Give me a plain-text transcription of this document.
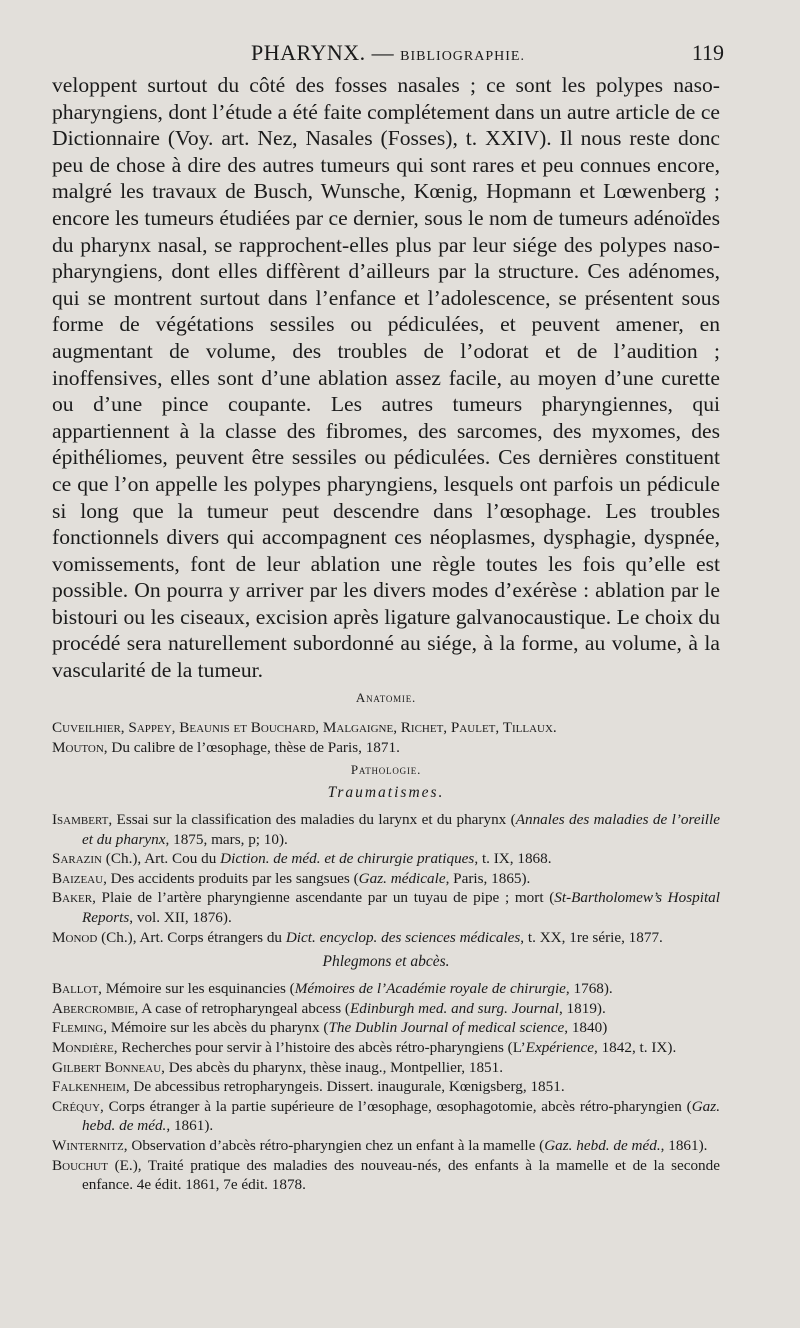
PHARYNX. — BIBLIOGRAPHIE.	119

veloppent surtout du côté des fosses nasales ; ce sont les polypes naso-pharyngiens, dont l’étude a été faite complétement dans un autre article de ce Dictionnaire (Voy. art. Nez, Nasales (Fosses), t. XXIV). Il nous reste donc peu de chose à dire des autres tumeurs qui sont rares et peu connues encore, malgré les travaux de Busch, Wunsche, Kœnig, Hopmann et Lœwenberg ; encore les tumeurs étudiées par ce dernier, sous le nom de tumeurs adénoïdes du pharynx nasal, se rapprochent-elles plus par leur siége des polypes naso-pharyngiens, dont elles diffèrent d’ailleurs par la structure. Ces adénomes, qui se montrent surtout dans l’enfance et l’adolescence, se présentent sous forme de végétations sessiles ou pédiculées, et peuvent amener, en augmentant de volume, des troubles de l’odorat et de l’audition ; inoffensives, elles sont d’une ablation assez facile, au moyen d’une curette ou d’une pince coupante. Les autres tumeurs pharyngiennes, qui appartiennent à la classe des fibromes, des sarcomes, des myxomes, des épithéliomes, peuvent être sessiles ou pédiculées. Ces dernières constituent ce que l’on appelle les polypes pharyngiens, lesquels ont parfois un pédicule si long que la tumeur peut descendre dans l’œsophage. Les troubles fonctionnels divers qui accompagnent ces néoplasmes, dysphagie, dyspnée, vomissements, font de leur ablation une règle toutes les fois qu’elle est possible. On pourra y arriver par les divers modes d’exérèse : ablation par le bistouri ou les ciseaux, excision après ligature galvanocaustique. Le choix du procédé sera naturellement subordonné au siége, à la forme, au volume, à la vascularité de la tumeur.

Anatomie.

Cuveilhier, Sappey, Beaunis et Bouchard, Malgaigne, Richet, Paulet, Tillaux.

Mouton, Du calibre de l’œsophage, thèse de Paris, 1871.

Pathologie.

Traumatismes.

Isambert, Essai sur la classification des maladies du larynx et du pharynx (Annales des maladies de l’oreille et du pharynx, 1875, mars, p; 10).

Sarazin (Ch.), Art. Cou du Diction. de méd. et de chirurgie pratiques, t. IX, 1868.

Baizeau, Des accidents produits par les sangsues (Gaz. médicale, Paris, 1865).

Baker, Plaie de l’artère pharyngienne ascendante par un tuyau de pipe ; mort (St-Bartholomew’s Hospital Reports, vol. XII, 1876).

Monod (Ch.), Art. Corps étrangers du Dict. encyclop. des sciences médicales, t. XX, 1re série, 1877.

Phlegmons et abcès.

Ballot, Mémoire sur les esquinancies (Mémoires de l’Académie royale de chirurgie, 1768).

Abercrombie, A case of retropharyngeal abcess (Edinburgh med. and surg. Journal, 1819).

Fleming, Mémoire sur les abcès du pharynx (The Dublin Journal of medical science, 1840)

Mondière, Recherches pour servir à l’histoire des abcès rétro-pharyngiens (L’Expérience, 1842, t. IX).

Gilbert Bonneau, Des abcès du pharynx, thèse inaug., Montpellier, 1851.

Falkenheim, De abcessibus retropharyngeis. Dissert. inaugurale, Kœnigsberg, 1851.

Créquy, Corps étranger à la partie supérieure de l’œsophage, œsophagotomie, abcès rétro-pharyngien (Gaz. hebd. de méd., 1861).

Winternitz, Observation d’abcès rétro-pharyngien chez un enfant à la mamelle (Gaz. hebd. de méd., 1861).

Bouchut (E.), Traité pratique des maladies des nouveau-nés, des enfants à la mamelle et de la seconde enfance. 4e édit. 1861, 7e édit. 1878.
